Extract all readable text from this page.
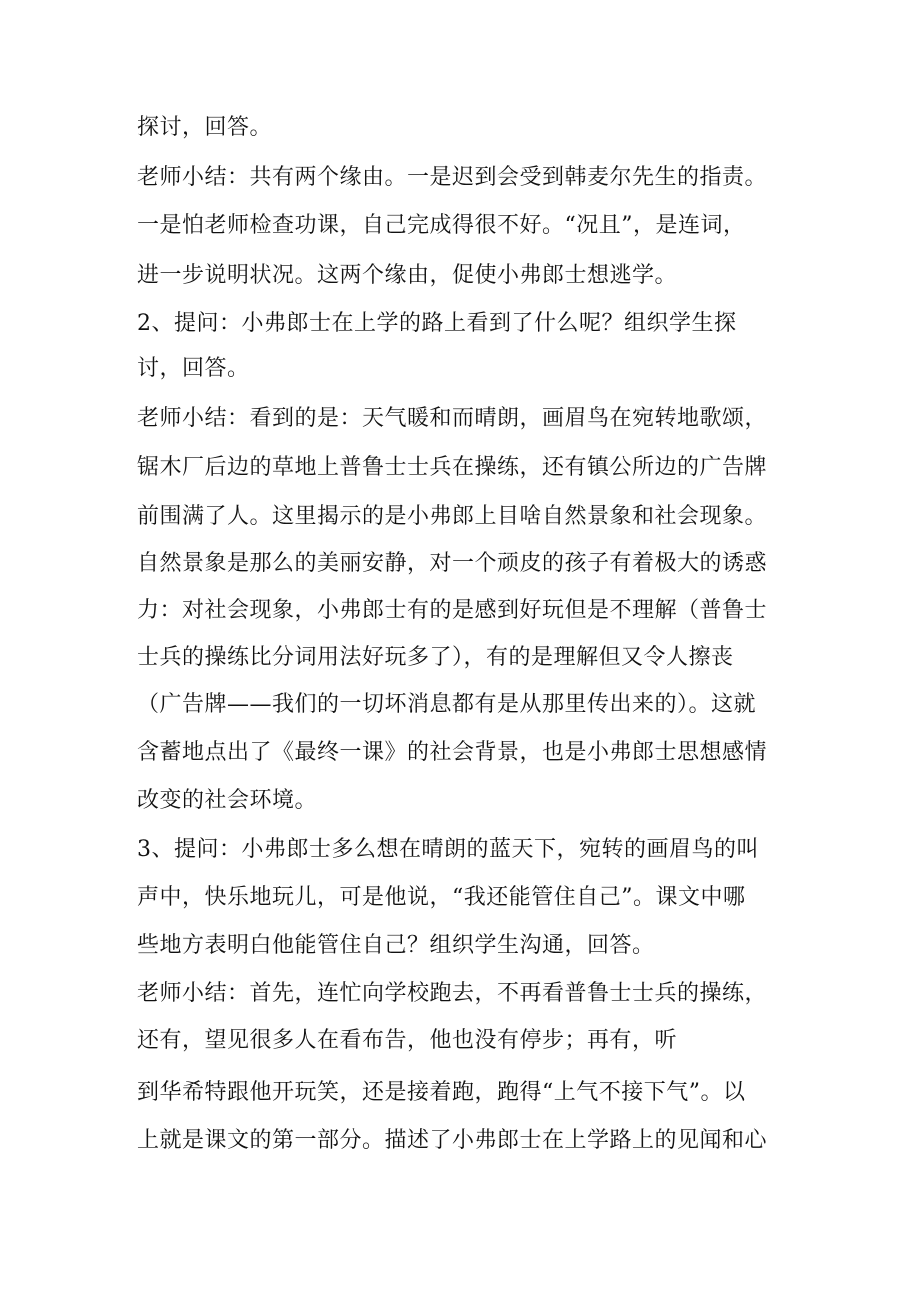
探讨，回答。
老师小结：共有两个缘由。一是迟到会受到韩麦尔先生的指责。
一是怕老师检查功课，自己完成得很不好。“况且”，是连词，
进一步说明状况。这两个缘由，促使小弗郎士想逃学。
2、提问：小弗郎士在上学的路上看到了什么呢？组织学生探
讨，回答。
老师小结：看到的是：天气暖和而晴朗，画眉鸟在宛转地歌颂，
锯木厂后边的草地上普鲁士士兵在操练，还有镇公所边的广告牌
前围满了人。这里揭示的是小弗郎上目啥自然景象和社会现象。
自然景象是那么的美丽安静，对一个顽皮的孩子有着极大的诱惑
力：对社会现象，小弗郎士有的是感到好玩但是不理解（普鲁士
士兵的操练比分词用法好玩多了），有的是理解但又令人擦丧
（广告牌——我们的一切坏消息都有是从那里传出来的）。这就
含蓄地点出了《最终一课》的社会背景，也是小弗郎士思想感情
改变的社会环境。
3、提问：小弗郎士多么想在晴朗的蓝天下，宛转的画眉鸟的叫
声中，快乐地玩儿，可是他说，“我还能管住自己”。课文中哪
些地方表明白他能管住自己？组织学生沟通，回答。
老师小结：首先，连忙向学校跑去，不再看普鲁士士兵的操练，
还有，望见很多人在看布告，他也没有停步；再有，听
到华希特跟他开玩笑，还是接着跑，跑得“上气不接下气”。以
上就是课文的第一部分。描述了小弗郎士在上学路上的见闻和心
